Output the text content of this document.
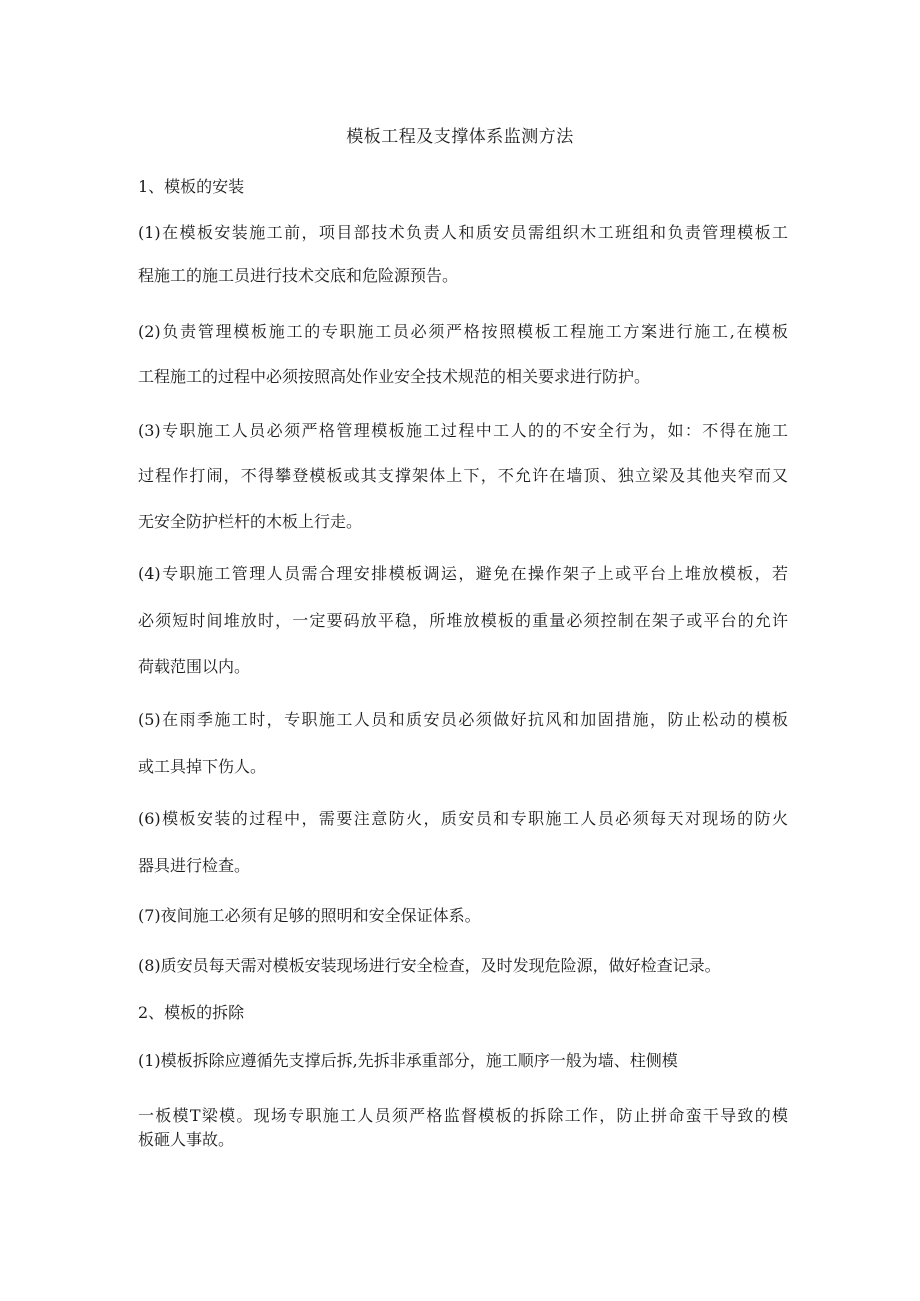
模板工程及支撑体系监测方法
1、模板的安装
(1)在模板安装施工前，项目部技术负责人和质安员需组织木工班组和负责管理模板工
程施工的施工员进行技术交底和危险源预告。
(2)负责管理模板施工的专职施工员必须严格按照模板工程施工方案进行施工,在模板
工程施工的过程中必须按照高处作业安全技术规范的相关要求进行防护。
(3)专职施工人员必须严格管理模板施工过程中工人的的不安全行为，如：不得在施工
过程作打闹，不得攀登模板或其支撑架体上下，不允许在墙顶、独立梁及其他夹窄而又
无安全防护栏杆的木板上行走。
(4)专职施工管理人员需合理安排模板调运，避免在操作架子上或平台上堆放模板，若
必须短时间堆放时，一定要码放平稳，所堆放模板的重量必须控制在架子或平台的允许
荷载范围以内。
(5)在雨季施工时，专职施工人员和质安员必须做好抗风和加固措施，防止松动的模板
或工具掉下伤人。
(6)模板安装的过程中，需要注意防火，质安员和专职施工人员必须每天对现场的防火
器具进行检查。
(7)夜间施工必须有足够的照明和安全保证体系。
(8)质安员每天需对模板安装现场进行安全检查，及时发现危险源，做好检查记录。
2、模板的拆除
(1)模板拆除应遵循先支撑后拆,先拆非承重部分，施工顺序一般为墙、柱侧模
一板模T梁模。现场专职施工人员须严格监督模板的拆除工作，防止拼命蛮干导致的模
板砸人事故。
